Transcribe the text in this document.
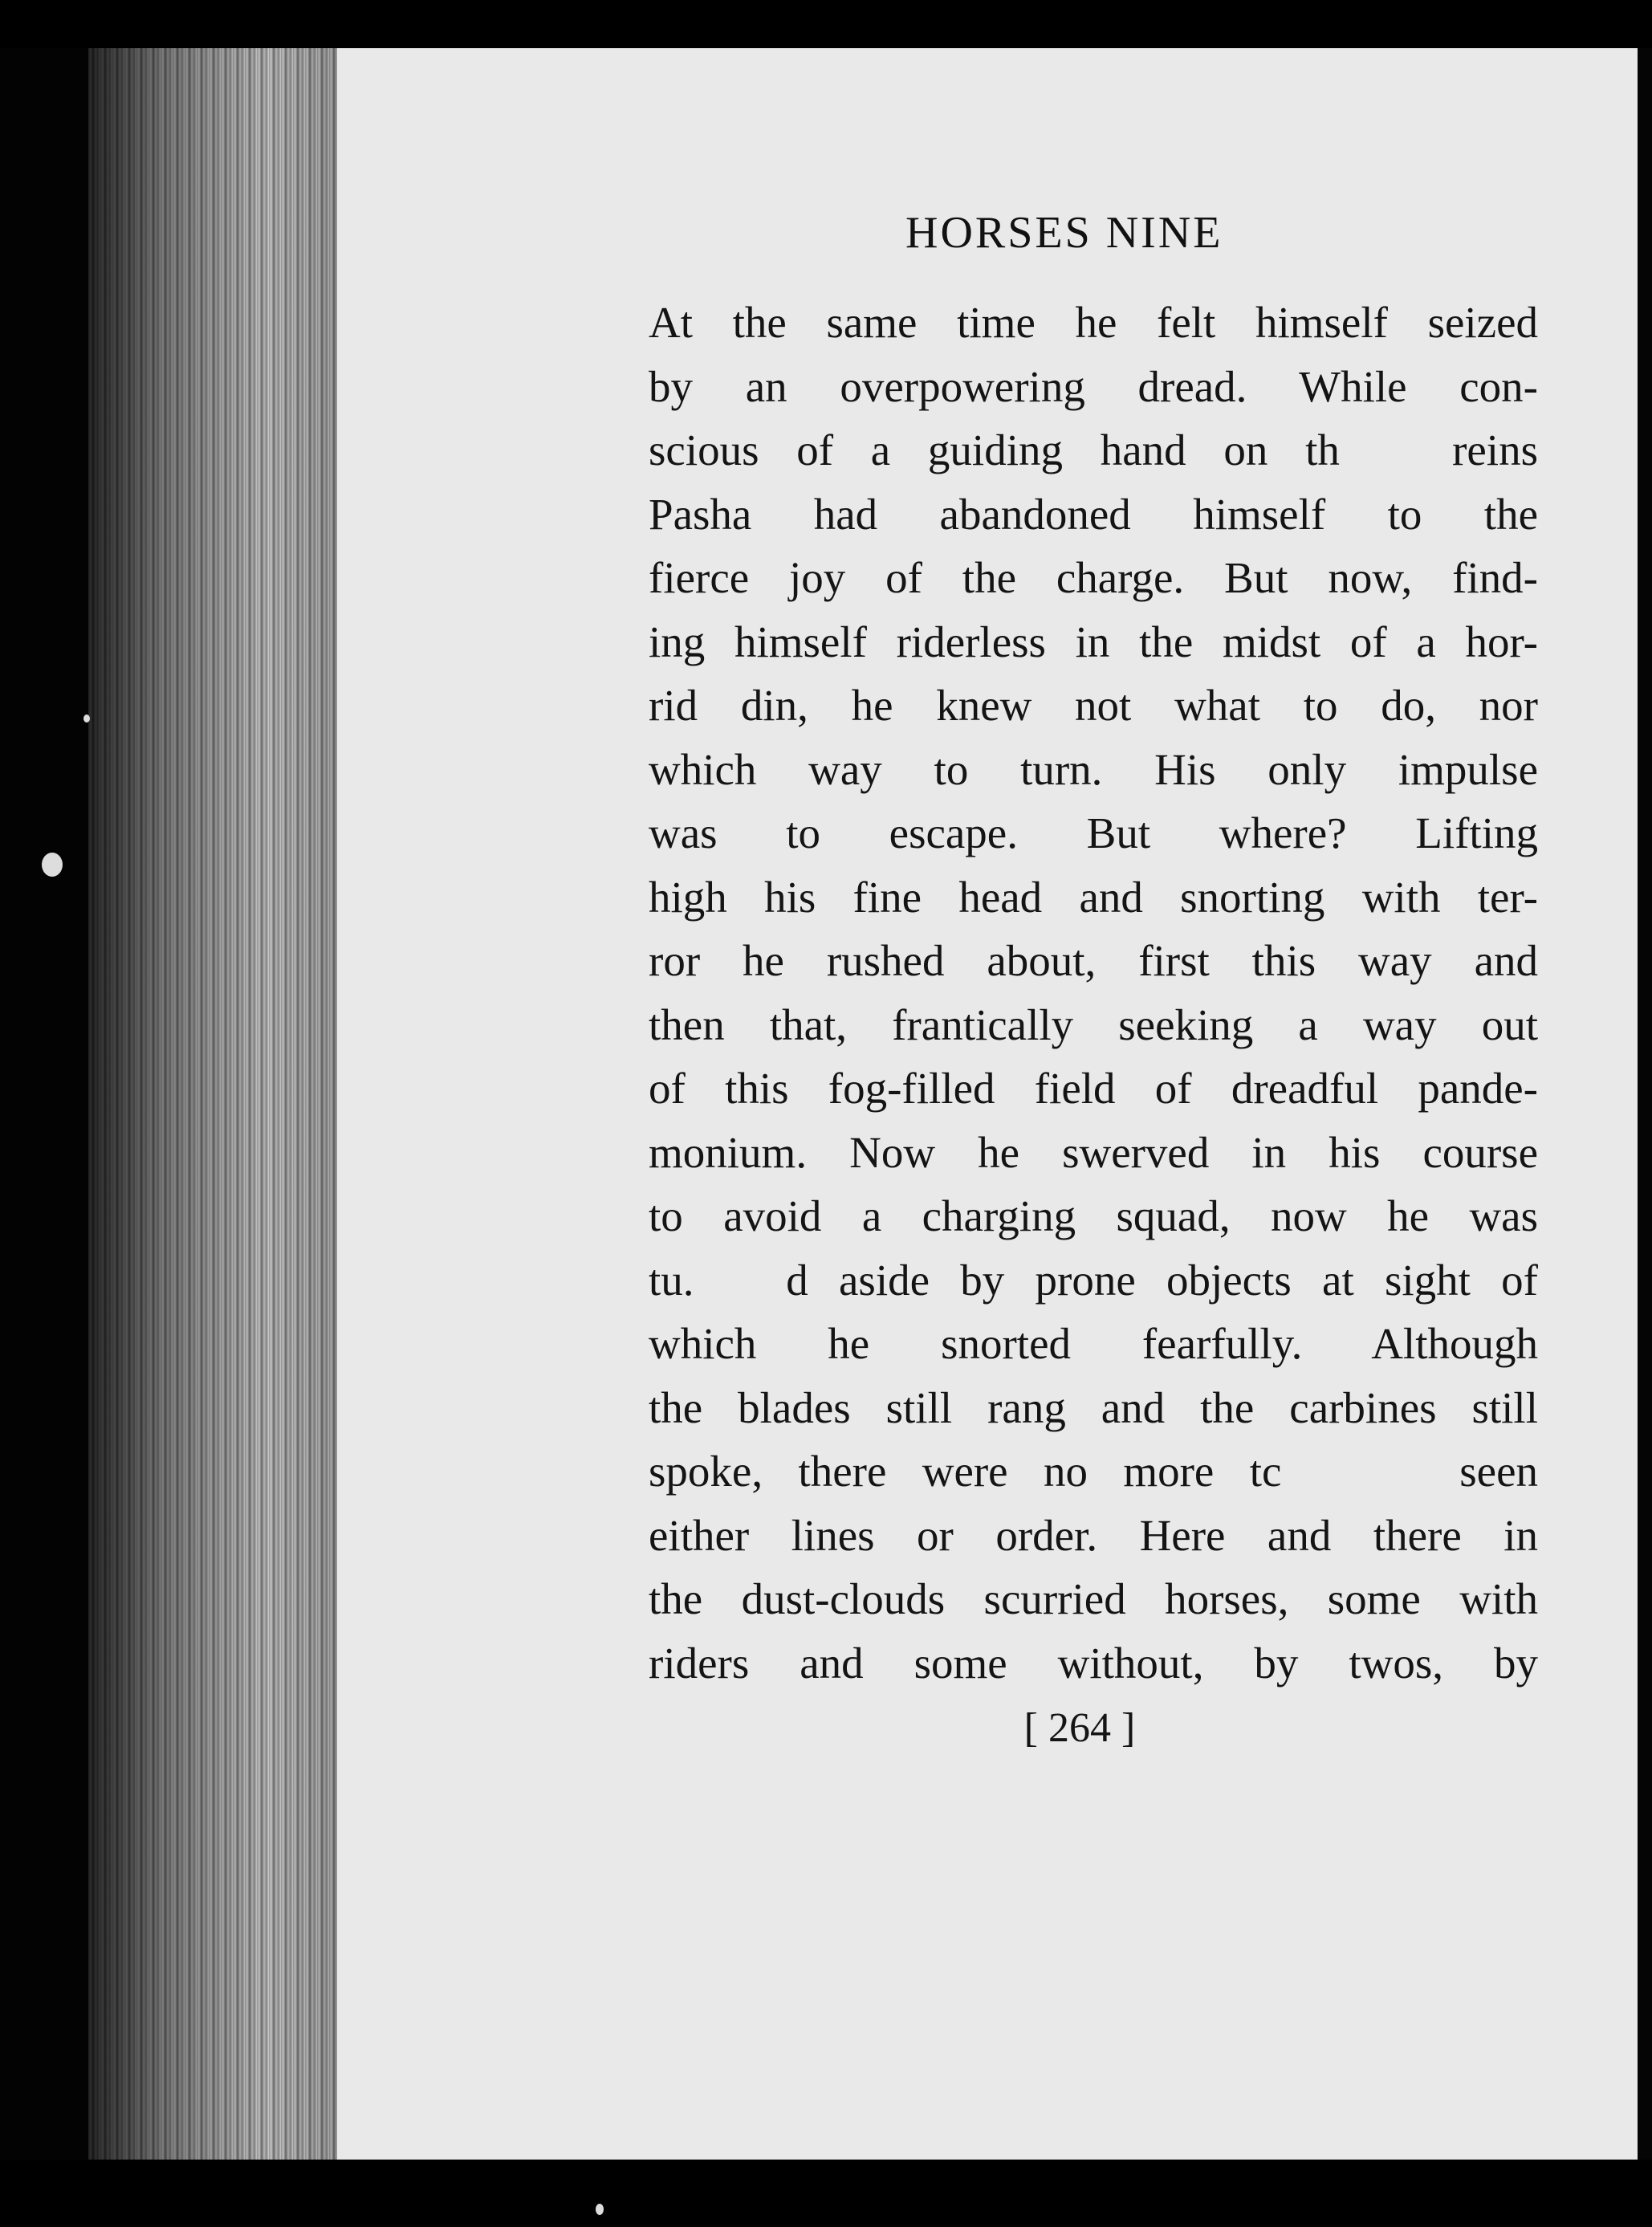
HORSES NINE
At the same time he felt himself seized
by an overpowering dread. While con-
scious of a guiding hand on th   reins
Pasha had abandoned himself to the
fierce joy of the charge. But now, find-
ing himself riderless in the midst of a hor-
rid din, he knew not what to do, nor
which way to turn. His only impulse
was to escape. But where? Lifting
high his fine head and snorting with ter-
ror he rushed about, first this way and
then that, frantically seeking a way out
of this fog-filled field of dreadful pande-
monium. Now he swerved in his course
to avoid a charging squad, now he was
tu.   d aside by prone objects at sight of
which he snorted fearfully. Although
the blades still rang and the carbines still
spoke, there were no more tc     seen
either lines or order. Here and there in
the dust-clouds scurried horses, some with
riders and some without, by twos, by
[ 264 ]
